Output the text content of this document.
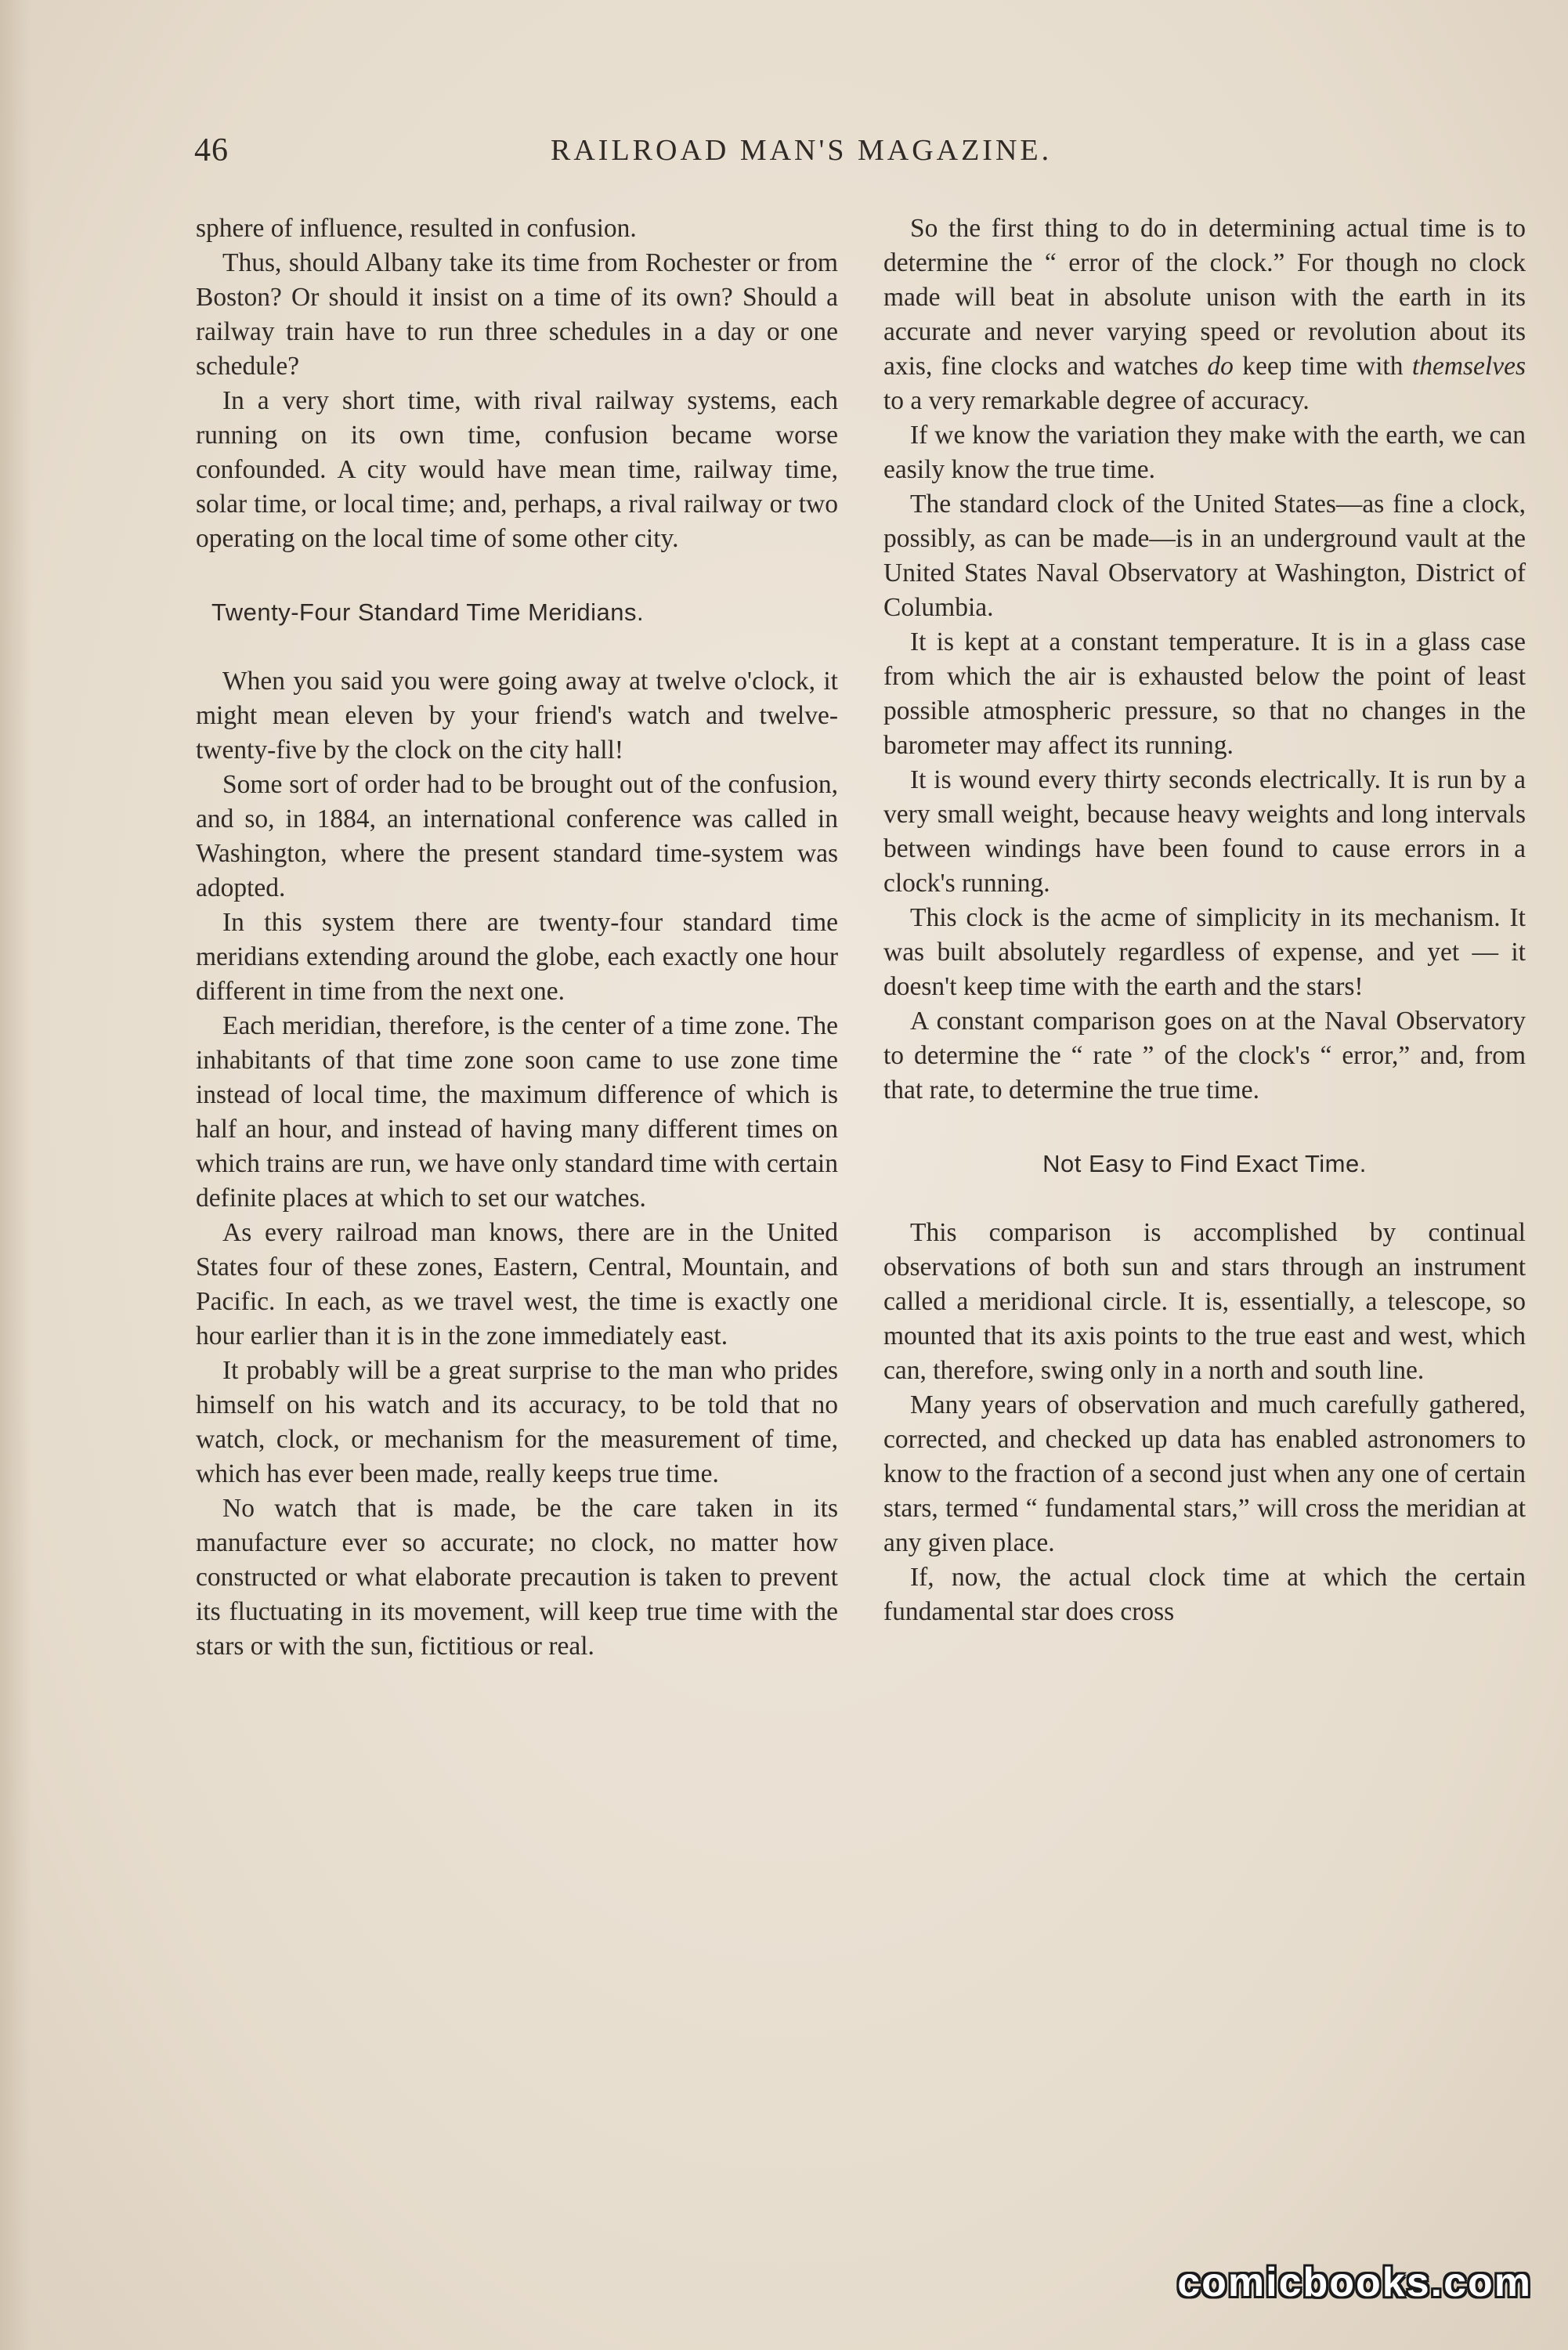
46	RAILROAD MAN'S MAGAZINE.

sphere of influence, resulted in confusion.

Thus, should Albany take its time from Rochester or from Boston? Or should it insist on a time of its own? Should a railway train have to run three schedules in a day or one schedule?

In a very short time, with rival railway systems, each running on its own time, confusion became worse confounded. A city would have mean time, railway time, solar time, or local time; and, perhaps, a rival railway or two operating on the local time of some other city.

Twenty-Four Standard Time Meridians.

When you said you were going away at twelve o'clock, it might mean eleven by your friend's watch and twelve-twenty-five by the clock on the city hall!

Some sort of order had to be brought out of the confusion, and so, in 1884, an international conference was called in Washington, where the present standard time-system was adopted.

In this system there are twenty-four standard time meridians extending around the globe, each exactly one hour different in time from the next one.

Each meridian, therefore, is the center of a time zone. The inhabitants of that time zone soon came to use zone time instead of local time, the maximum difference of which is half an hour, and instead of having many different times on which trains are run, we have only standard time with certain definite places at which to set our watches.

As every railroad man knows, there are in the United States four of these zones, Eastern, Central, Mountain, and Pacific. In each, as we travel west, the time is exactly one hour earlier than it is in the zone immediately east.

It probably will be a great surprise to the man who prides himself on his watch and its accuracy, to be told that no watch, clock, or mechanism for the measurement of time, which has ever been made, really keeps true time.

No watch that is made, be the care taken in its manufacture ever so accurate; no clock, no matter how constructed or what elaborate precaution is taken to prevent its fluctuating in its movement, will keep true time with the stars or with the sun, fictitious or real.

So the first thing to do in determining actual time is to determine the “ error of the clock.” For though no clock made will beat in absolute unison with the earth in its accurate and never varying speed or revolution about its axis, fine clocks and watches do keep time with themselves to a very remarkable degree of accuracy.

If we know the variation they make with the earth, we can easily know the true time.

The standard clock of the United States—as fine a clock, possibly, as can be made—is in an underground vault at the United States Naval Observatory at Washington, District of Columbia.

It is kept at a constant temperature. It is in a glass case from which the air is exhausted below the point of least possible atmospheric pressure, so that no changes in the barometer may affect its running.

It is wound every thirty seconds electrically. It is run by a very small weight, because heavy weights and long intervals between windings have been found to cause errors in a clock's running.

This clock is the acme of simplicity in its mechanism. It was built absolutely regardless of expense, and yet — it doesn't keep time with the earth and the stars!

A constant comparison goes on at the Naval Observatory to determine the “ rate ” of the clock's “ error,” and, from that rate, to determine the true time.

Not Easy to Find Exact Time.

This comparison is accomplished by continual observations of both sun and stars through an instrument called a meridional circle. It is, essentially, a telescope, so mounted that its axis points to the true east and west, which can, therefore, swing only in a north and south line.

Many years of observation and much carefully gathered, corrected, and checked up data has enabled astronomers to know to the fraction of a second just when any one of certain stars, termed “ fundamental stars,” will cross the meridian at any given place.

If, now, the actual clock time at which the certain fundamental star does cross

comicbooks.com
